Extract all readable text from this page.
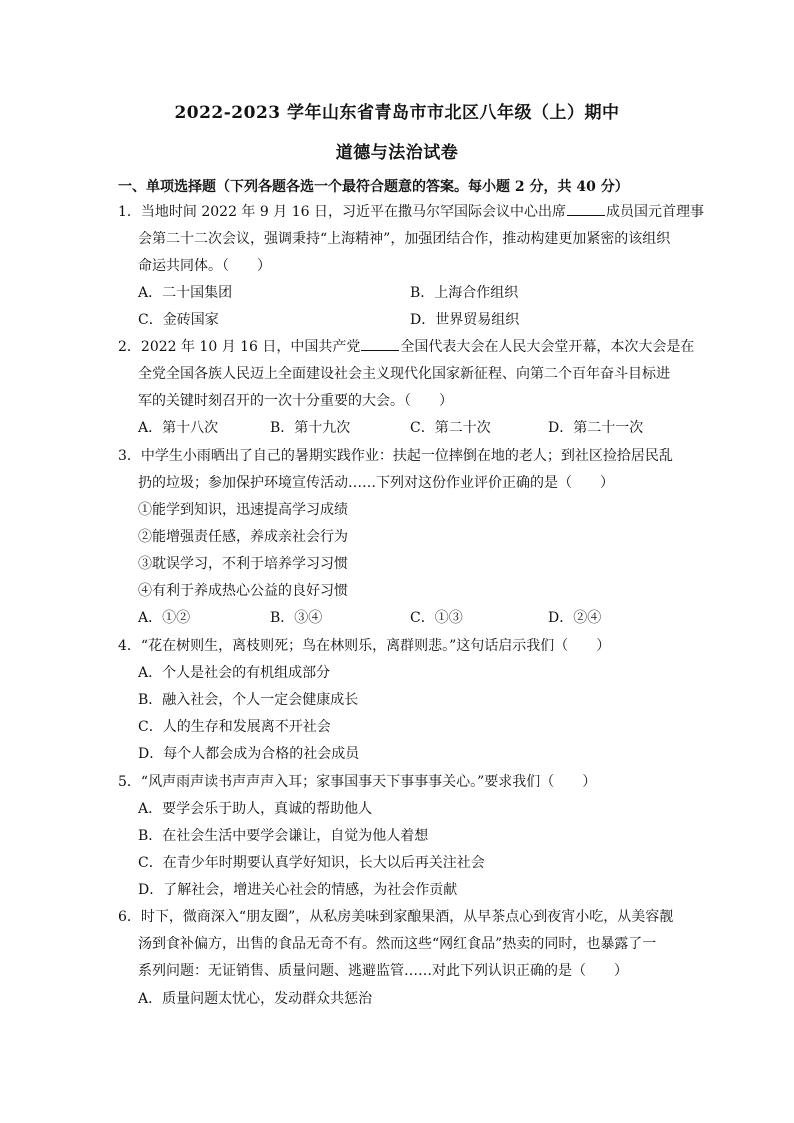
2022-2023 学年山东省青岛市市北区八年级（上）期中
道德与法治试卷
一、单项选择题（下列各题各选一个最符合题意的答案。每小题 2 分，共 40 分）
1．当地时间 2022 年 9 月 16 日，习近平在撒马尔罕国际会议中心出席	成员国元首理事
会第二十二次会议，强调秉持“上海精神”，加强团结合作，推动构建更加紧密的该组织
命运共同体。（　　）
A．二十国集团	B．上海合作组织
C．金砖国家	D．世界贸易组织
2．2022 年 10 月 16 日，中国共产党	全国代表大会在人民大会堂开幕，本次大会是在
全党全国各族人民迈上全面建设社会主义现代化国家新征程、向第二个百年奋斗目标进
军的关键时刻召开的一次十分重要的大会。（　　）
A．第十八次	B．第十九次	C．第二十次	D．第二十一次
3．中学生小雨晒出了自己的暑期实践作业：扶起一位摔倒在地的老人；到社区捡拾居民乱
扔的垃圾；参加保护环境宣传活动……下列对这份作业评价正确的是（　　）
①能学到知识，迅速提高学习成绩
②能增强责任感，养成亲社会行为
③耽误学习，不利于培养学习习惯
④有利于养成热心公益的良好习惯
A．①②	B．③④	C．①③	D．②④
4．“花在树则生，离枝则死；鸟在林则乐，离群则悲。”这句话启示我们（　　）
A．个人是社会的有机组成部分
B．融入社会，个人一定会健康成长
C．人的生存和发展离不开社会
D．每个人都会成为合格的社会成员
5．“风声雨声读书声声声入耳；家事国事天下事事事关心。”要求我们（　　）
A．要学会乐于助人，真诚的帮助他人
B．在社会生活中要学会谦让，自觉为他人着想
C．在青少年时期要认真学好知识，长大以后再关注社会
D．了解社会，增进关心社会的情感，为社会作贡献
6．时下，微商深入“朋友圈”，从私房美味到家酿果酒，从早茶点心到夜宵小吃，从美容靓
汤到食补偏方，出售的食品无奇不有。然而这些“网红食品”热卖的同时，也暴露了一
系列问题：无证销售、质量问题、逃避监管……对此下列认识正确的是（　　）
A．质量问题太忧心，发动群众共惩治
